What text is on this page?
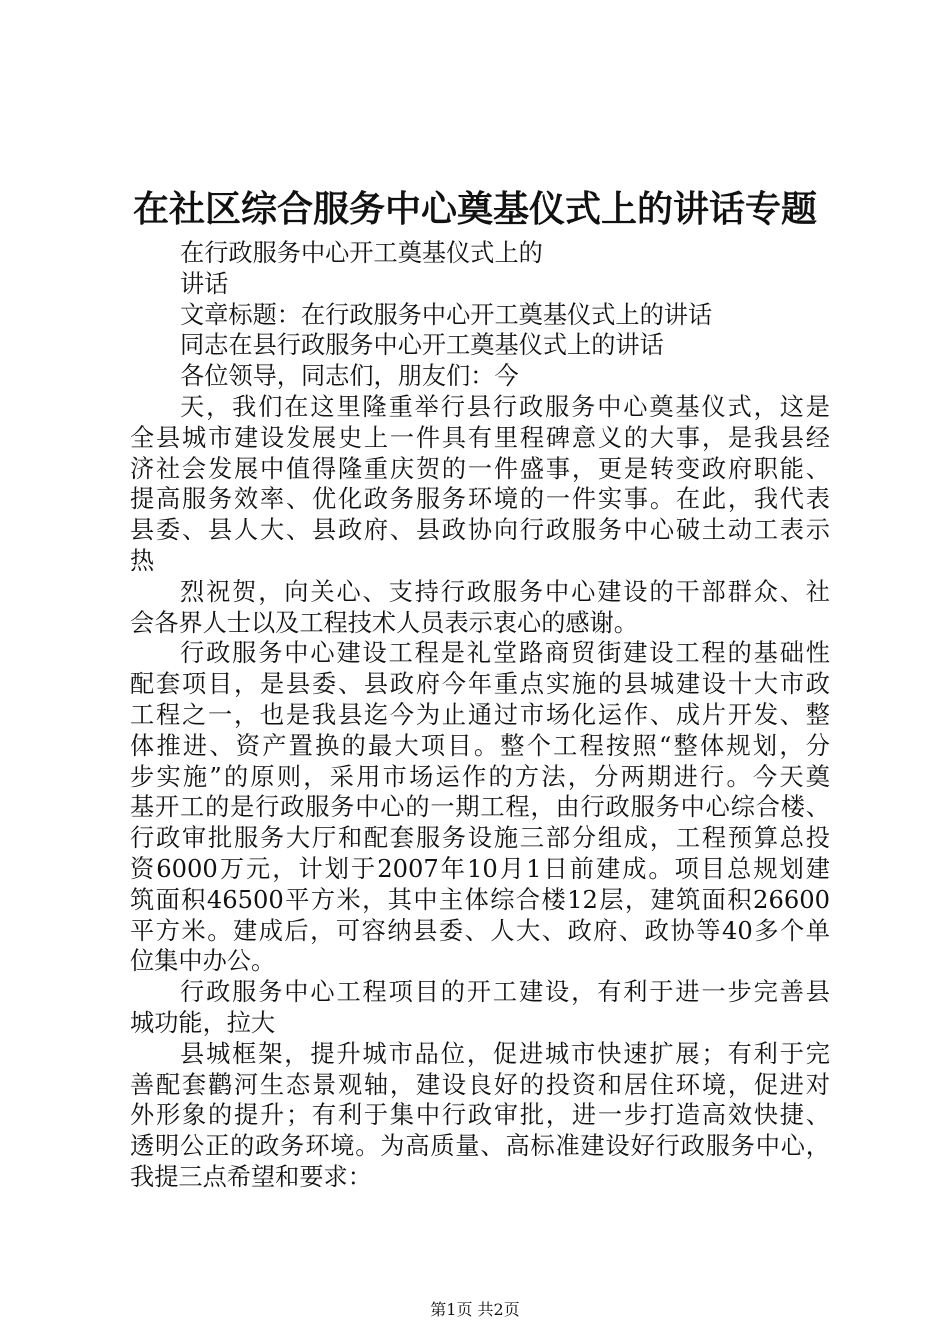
在社区综合服务中心奠基仪式上的讲话专题
在行政服务中心开工奠基仪式上的
讲话
文章标题：在行政服务中心开工奠基仪式上的讲话
同志在县行政服务中心开工奠基仪式上的讲话
各位领导，同志们，朋友们：今
天，我们在这里隆重举行县行政服务中心奠基仪式，这是
全县城市建设发展史上一件具有里程碑意义的大事，是我县经
济社会发展中值得隆重庆贺的一件盛事，更是转变政府职能、
提高服务效率、优化政务服务环境的一件实事。在此，我代表
县委、县人大、县政府、县政协向行政服务中心破土动工表示
热
烈祝贺，向关心、支持行政服务中心建设的干部群众、社
会各界人士以及工程技术人员表示衷心的感谢。
行政服务中心建设工程是礼堂路商贸街建设工程的基础性
配套项目，是县委、县政府今年重点实施的县城建设十大市政
工程之一，也是我县迄今为止通过市场化运作、成片开发、整
体推进、资产置换的最大项目。整个工程按照“整体规划，分
步实施”的原则，采用市场运作的方法，分两期进行。今天奠
基开工的是行政服务中心的一期工程，由行政服务中心综合楼、
行政审批服务大厅和配套服务设施三部分组成，工程预算总投
资6000万元，计划于2007年10月1日前建成。项目总规划建
筑面积46500平方米，其中主体综合楼12层，建筑面积26600
平方米。建成后，可容纳县委、人大、政府、政协等40多个单
位集中办公。
行政服务中心工程项目的开工建设，有利于进一步完善县
城功能，拉大
县城框架，提升城市品位，促进城市快速扩展；有利于完
善配套鹳河生态景观轴，建设良好的投资和居住环境，促进对
外形象的提升；有利于集中行政审批，进一步打造高效快捷、
透明公正的政务环境。为高质量、高标准建设好行政服务中心，
我提三点希望和要求：
第1页 共2页
